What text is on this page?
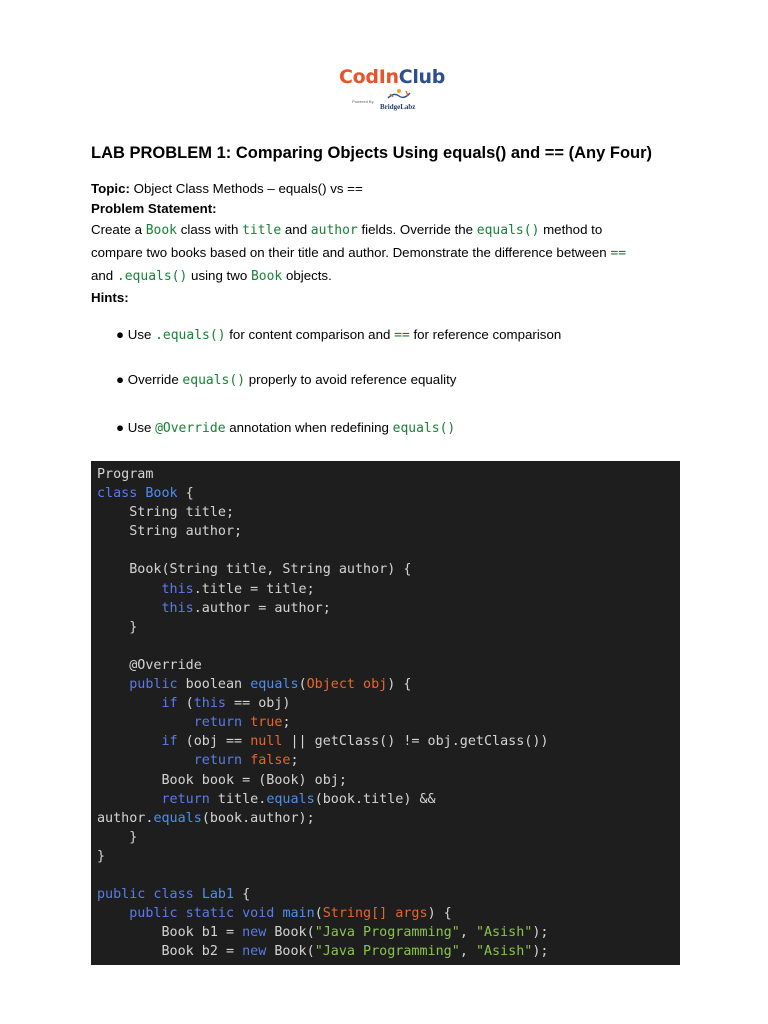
CodInClub
Powered By
BridgeLabz
LAB PROBLEM 1: Comparing Objects Using equals() and == (Any Four)
Topic: Object Class Methods – equals() vs ==
Problem Statement:
Create a Book class with title and author fields. Override the equals() method to
compare two books based on their title and author. Demonstrate the difference between ==
and .equals() using two Book objects.
Hints:
● Use .equals() for content comparison and == for reference comparison
● Override equals() properly to avoid reference equality
● Use @Override annotation when redefining equals()
Program
class Book {
String title;
String author;

Book(String title, String author) {
this.title = title;
this.author = author;
}

@Override
public boolean equals(Object obj) {
if (this == obj)
return true;
if (obj == null || getClass() != obj.getClass())
return false;
Book book = (Book) obj;
return title.equals(book.title) &&
author.equals(book.author);
}
}

public class Lab1 {
public static void main(String[] args) {
Book b1 = new Book("Java Programming", "Asish");
Book b2 = new Book("Java Programming", "Asish");
